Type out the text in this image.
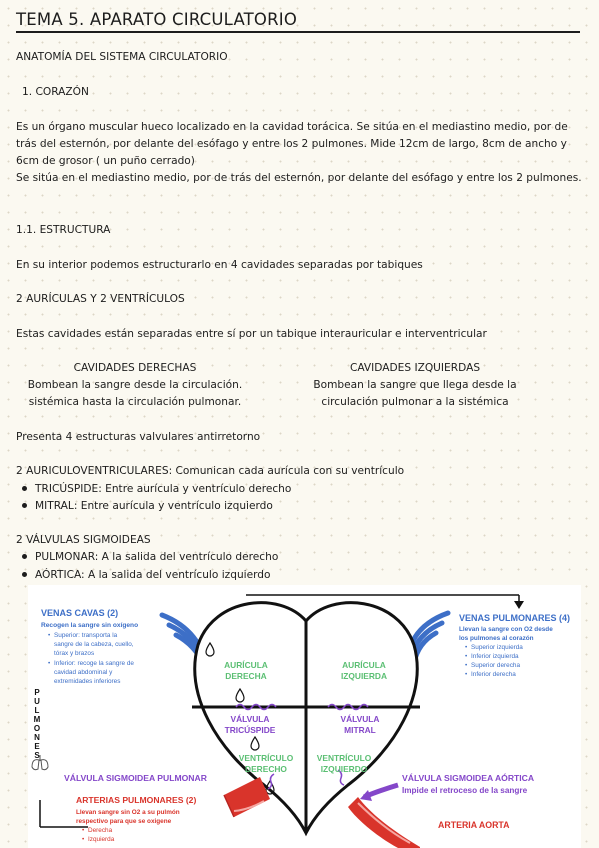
TEMA 5. APARATO CIRCULATORIO
ANATOMÍA DEL SISTEMA CIRCULATORIO
1. CORAZÓN
Es un órgano muscular hueco localizado en la cavidad torácica. Se sitúa en el mediastino medio, por de trás del esternón, por delante del esófago y entre los 2 pulmones. Mide 12cm de largo, 8cm de ancho y 6cm de grosor ( un puño cerrado)
Se sitúa en el mediastino medio, por de trás del esternón, por delante del esófago y entre los 2 pulmones.
1.1. ESTRUCTURA
En su interior podemos estructurarlo en 4 cavidades separadas por tabiques
2 AURÍCULAS Y 2 VENTRÍCULOS
Estas cavidades están separadas entre sí por un tabique interauricular e interventricular
CAVIDADES DERECHAS
Bombean la sangre desde la circulación.
sistémica hasta la circulación pulmonar.
CAVIDADES IZQUIERDAS
Bombean la sangre que llega desde la
circulación pulmonar a la sistémica
Presenta 4 estructuras valvulares antirretorno
2 AURICULOVENTRICULARES: Comunican cada aurícula con su ventrículo
TRICÚSPIDE: Entre aurícula y ventrículo derecho
MITRAL: Entre aurícula y ventrículo izquierdo
2 VÁLVULAS SIGMOIDEAS
PULMONAR: A la salida del ventrículo derecho
AÓRTICA: A la salida del ventrículo izquierdo
VENAS CAVAS (2)
Recogen la sangre sin oxígeno
• Superior: transporta la
sangre de la cabeza, cuello,
tórax y brazos
• Inferior: recoge la sangre de
cavidad abdominal y
extremidades inferiores
P
U
L
M
O
N
E
S
VENAS PULMONARES (4)
Llevan la sangre con O2 desde
los pulmones al corazón
• Superior izquierda
• Inferior izquierda
• Superior derecha
• Inferior derecha
AURÍCULA
DERECHA
AURÍCULA
IZQUIERDA
VENTRÍCULO
DERECHO
VENTRÍCULO
IZQUIERDO
VÁLVULA
TRICÚSPIDE
VÁLVULA
MITRAL
VÁLVULA SIGMOIDEA PULMONAR	VÁLVULA SIGMOIDEA AÓRTICA
Impide el retroceso de la sangre
ARTERIAS PULMONARES (2)
Llevan sangre sin O2 a su pulmón
respectivo para que se oxigene
• Derecha
• Izquierda
ARTERIA AORTA
